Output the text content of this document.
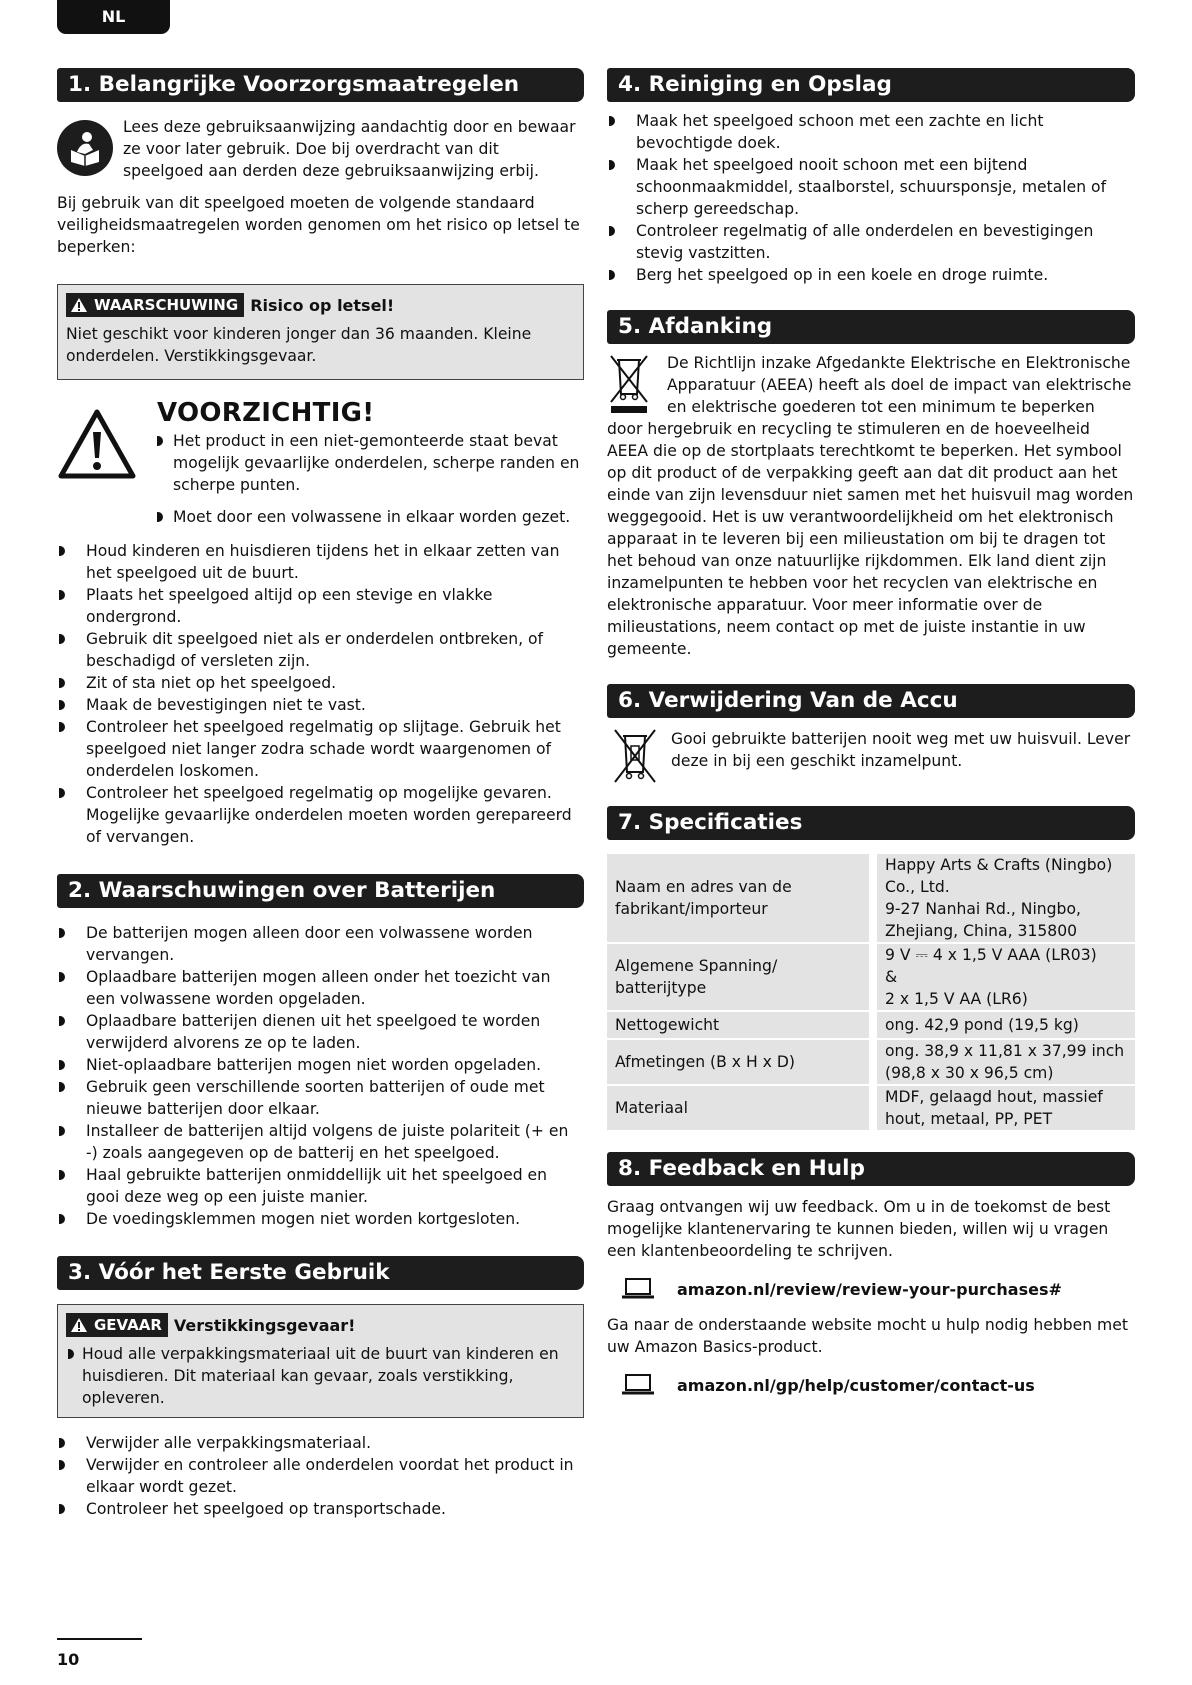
NL
1. Belangrijke Voorzorgsmaatregelen

Lees deze gebruiksaanwijzing aandachtig door en bewaar ze voor later gebruik. Doe bij overdracht van dit speelgoed aan derden deze gebruiksaanwijzing erbij.

Bij gebruik van dit speelgoed moeten de volgende standaard veiligheidsmaatregelen worden genomen om het risico op letsel te beperken:

WAARSCHUWING Risico op letsel!

Niet geschikt voor kinderen jonger dan 36 maanden. Kleine onderdelen. Verstikkingsgevaar.

VOORZICHTIG!
Het product in een niet-gemonteerde staat bevat mogelijk gevaarlijke onderdelen, scherpe randen en scherpe punten.
Moet door een volwassene in elkaar worden gezet.
Houd kinderen en huisdieren tijdens het in elkaar zetten van het speelgoed uit de buurt.
Plaats het speelgoed altijd op een stevige en vlakke ondergrond.
Gebruik dit speelgoed niet als er onderdelen ontbreken, of beschadigd of versleten zijn.
Zit of sta niet op het speelgoed.
Maak de bevestigingen niet te vast.
Controleer het speelgoed regelmatig op slijtage. Gebruik het speelgoed niet langer zodra schade wordt waargenomen of onderdelen loskomen.
Controleer het speelgoed regelmatig op mogelijke gevaren. Mogelijke gevaarlijke onderdelen moeten worden gerepareerd of vervangen.
2. Waarschuwingen over Batterijen
De batterijen mogen alleen door een volwassene worden vervangen.
Oplaadbare batterijen mogen alleen onder het toezicht van een volwassene worden opgeladen.
Oplaadbare batterijen dienen uit het speelgoed te worden verwijderd alvorens ze op te laden.
Niet-oplaadbare batterijen mogen niet worden opgeladen.
Gebruik geen verschillende soorten batterijen of oude met nieuwe batterijen door elkaar.
Installeer de batterijen altijd volgens de juiste polariteit (+ en -) zoals aangegeven op de batterij en het speelgoed.
Haal gebruikte batterijen onmiddellijk uit het speelgoed en gooi deze weg op een juiste manier.
De voedingsklemmen mogen niet worden kortgesloten.
3. Vóór het Eerste Gebruik
GEVAAR Verstikkingsgevaar!
Houd alle verpakkingsmateriaal uit de buurt van kinderen en huisdieren. Dit materiaal kan gevaar, zoals verstikking, opleveren.
Verwijder alle verpakkingsmateriaal.
Verwijder en controleer alle onderdelen voordat het product in elkaar wordt gezet.
Controleer het speelgoed op transportschade.
4. Reiniging en Opslag
Maak het speelgoed schoon met een zachte en licht bevochtigde doek.
Maak het speelgoed nooit schoon met een bijtend schoonmaakmiddel, staalborstel, schuursponsje, metalen of scherp gereedschap.
Controleer regelmatig of alle onderdelen en bevestigingen stevig vastzitten.
Berg het speelgoed op in een koele en droge ruimte.
5. Afdanking

De Richtlijn inzake Afgedankte Elektrische en Elektronische Apparatuur (AEEA) heeft als doel de impact van elektrische en elektrische goederen tot een minimum te beperken door hergebruik en recycling te stimuleren en de hoeveelheid AEEA die op de stortplaats terechtkomt te beperken. Het symbool op dit product of de verpakking geeft aan dat dit product aan het einde van zijn levensduur niet samen met het huisvuil mag worden weggegooid. Het is uw verantwoordelijkheid om het elektronisch apparaat in te leveren bij een milieustation om bij te dragen tot het behoud van onze natuurlijke rijkdommen. Elk land dient zijn inzamelpunten te hebben voor het recyclen van elektrische en elektronische apparatuur. Voor meer informatie over de milieustations, neem contact op met de juiste instantie in uw gemeente.

6. Verwijdering Van de Accu

Gooi gebruikte batterijen nooit weg met uw huisvuil. Lever deze in bij een geschikt inzamelpunt.

7. Specificaties
Naam en adres van de fabrikant/importeur	Happy Arts & Crafts (Ningbo) Co., Ltd.
9-27 Nanhai Rd., Ningbo, Zhejiang, China, 315800

Algemene Spanning/ batterijtype	9 V ⎓ 4 x 1,5 V AAA (LR03)
&
2 x 1,5 V AA (LR6)

Nettogewicht	ong. 42,9 pond (19,5 kg)

Afmetingen (B x H x D)	ong. 38,9 x 11,81 x 37,99 inch (98,8 x 30 x 96,5 cm)

Materiaal	MDF, gelaagd hout, massief hout, metaal, PP, PET
8. Feedback en Hulp

Graag ontvangen wij uw feedback. Om u in de toekomst de best mogelijke klantenervaring te kunnen bieden, willen wij u vragen een klantenbeoordeling te schrijven.

amazon.nl/review/review-your-purchases#

Ga naar de onderstaande website mocht u hulp nodig hebben met uw Amazon Basics-product.

amazon.nl/gp/help/customer/contact-us
10
